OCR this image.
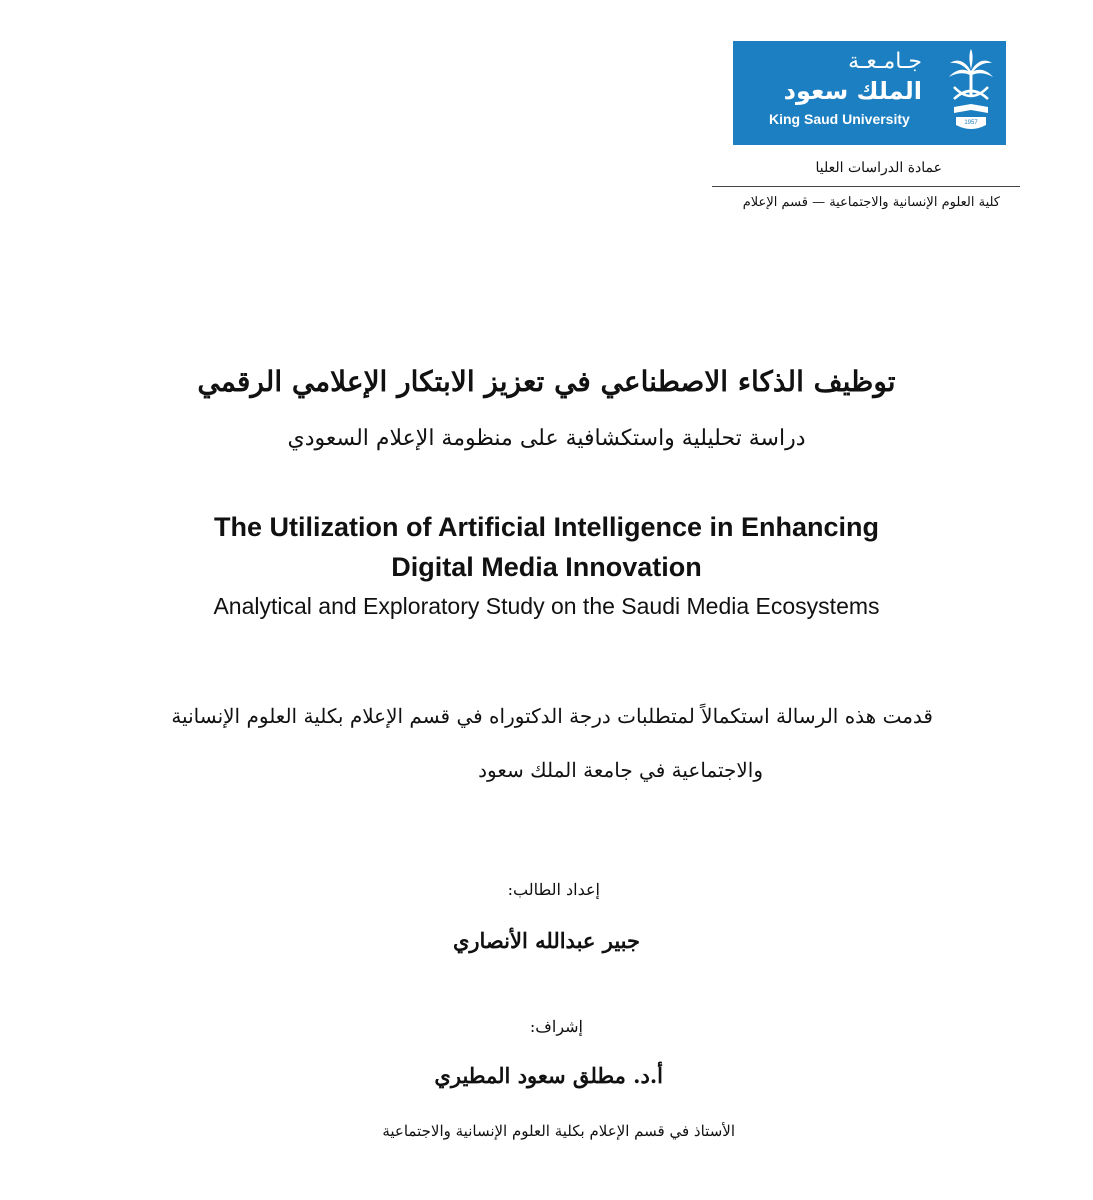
جـامـعـة
الملك سعود
King Saud University	1957
عمادة الدراسات العليا
كلية العلوم الإنسانية والاجتماعية — قسم الإعلام
توظيف الذكاء الاصطناعي في تعزيز الابتكار الإعلامي الرقمي
دراسة تحليلية واستكشافية على منظومة الإعلام السعودي
The Utilization of Artificial Intelligence in Enhancing
Digital Media Innovation
Analytical and Exploratory Study on the Saudi Media Ecosystems
قدمت هذه الرسالة استكمالاً لمتطلبات درجة الدكتوراه في قسم الإعلام بكلية العلوم الإنسانية
والاجتماعية في جامعة الملك سعود
إعداد الطالب:
جبير عبدالله الأنصاري
إشراف:
أ.د. مطلق سعود المطيري
الأستاذ في قسم الإعلام بكلية العلوم الإنسانية والاجتماعية
